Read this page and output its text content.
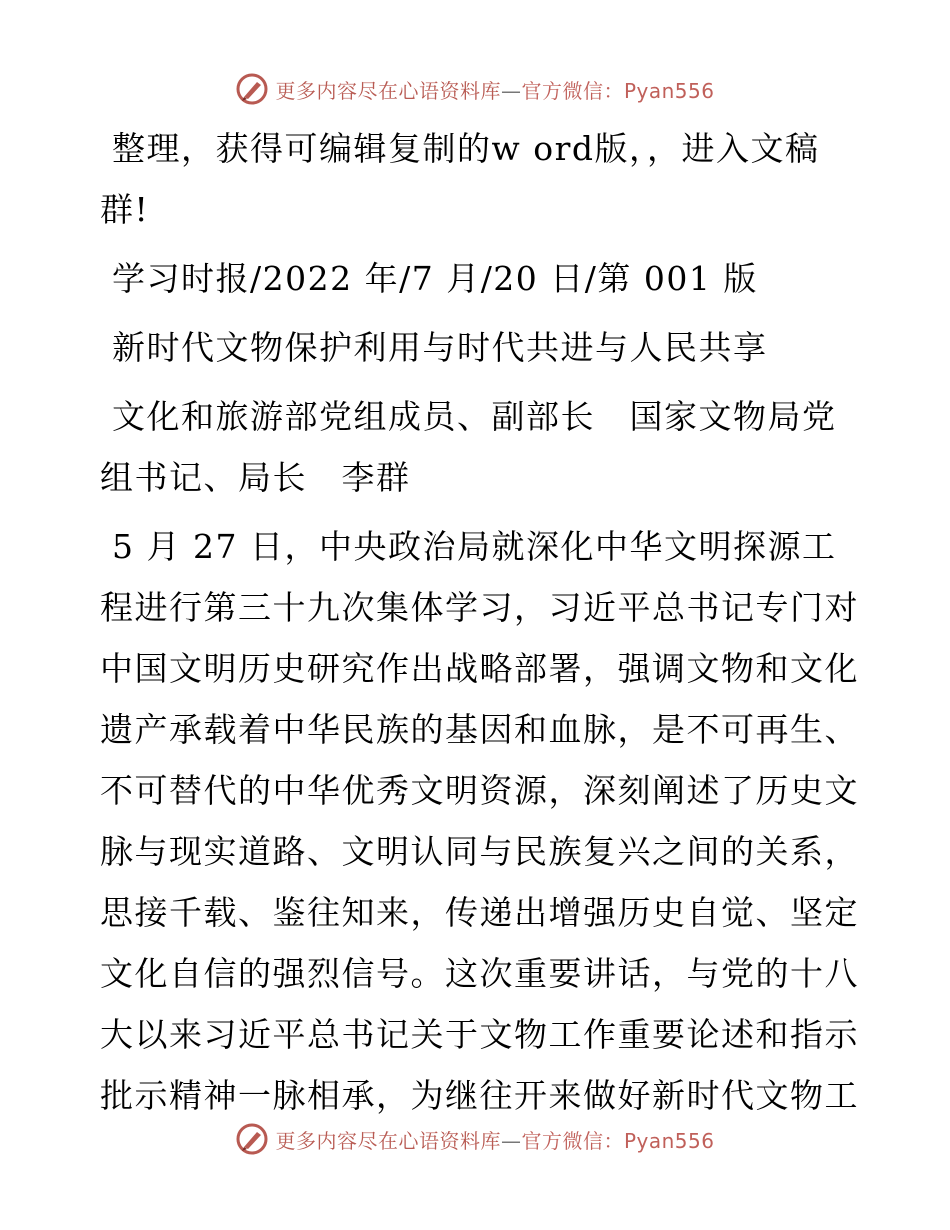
更多内容尽在心语资料库—官方微信：Pyan556
整理，获得可编辑复制的w ord版，，进入文稿
群!
学习时报/2022 年/7 月/20 日/第 001 版
新时代文物保护利用与时代共进与人民共享
文化和旅游部党组成员、副部长　国家文物局党
组书记、局长　李群
5 月 27 日，中央政治局就深化中华文明探源工
程进行第三十九次集体学习，习近平总书记专门对
中国文明历史研究作出战略部署，强调文物和文化
遗产承载着中华民族的基因和血脉，是不可再生、
不可替代的中华优秀文明资源，深刻阐述了历史文
脉与现实道路、文明认同与民族复兴之间的关系，
思接千载、鉴往知来，传递出增强历史自觉、坚定
文化自信的强烈信号。这次重要讲话，与党的十八
大以来习近平总书记关于文物工作重要论述和指示
批示精神一脉相承，为继往开来做好新时代文物工
更多内容尽在心语资料库—官方微信：Pyan556
